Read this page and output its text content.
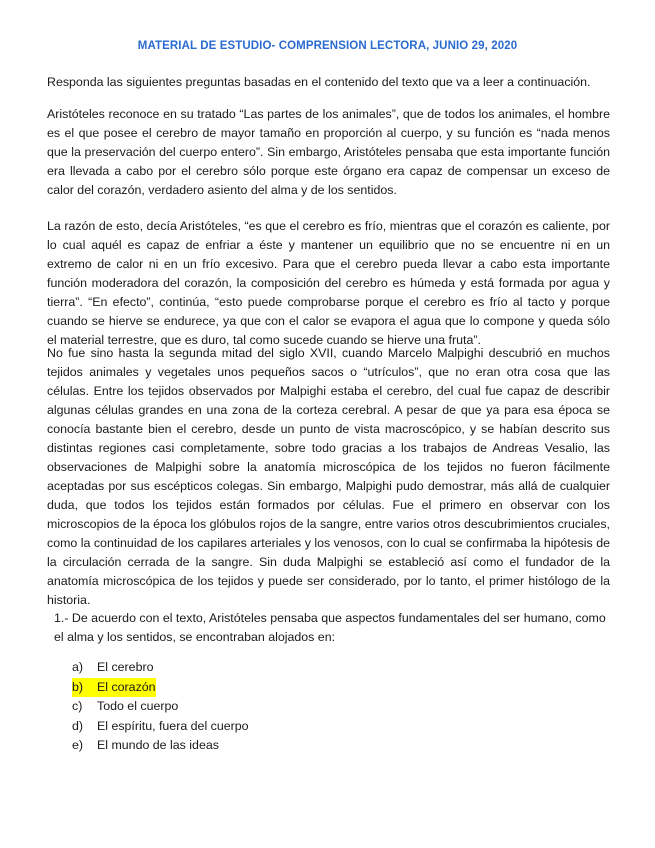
MATERIAL DE ESTUDIO- COMPRENSION LECTORA, JUNIO 29, 2020

Responda las siguientes preguntas basadas en el contenido del texto que va a leer a continuación.

Aristóteles reconoce en su tratado “Las partes de los animales”, que de todos los animales, el hombre es el que posee el cerebro de mayor tamaño en proporción al cuerpo, y su función es “nada menos que la preservación del cuerpo entero”. Sin embargo, Aristóteles pensaba que esta importante función era llevada a cabo por el cerebro sólo porque este órgano era capaz de compensar un exceso de calor del corazón, verdadero asiento del alma y de los sentidos.

La razón de esto, decía Aristóteles, “es que el cerebro es frío, mientras que el corazón es caliente, por lo cual aquél es capaz de enfriar a éste y mantener un equilibrio que no se encuentre ni en un extremo de calor ni en un frío excesivo. Para que el cerebro pueda llevar a cabo esta importante función moderadora del corazón, la composición del cerebro es húmeda y está formada por agua y tierra”. “En efecto”, continúa, “esto puede comprobarse porque el cerebro es frío al tacto y porque cuando se hierve se endurece, ya que con el calor se evapora el agua que lo compone y queda sólo el material terrestre, que es duro, tal como sucede cuando se hierve una fruta”.

No fue sino hasta la segunda mitad del siglo XVII, cuando Marcelo Malpighi descubrió en muchos tejidos animales y vegetales unos pequeños sacos o “utrículos”, que no eran otra cosa que las células. Entre los tejidos observados por Malpighi estaba el cerebro, del cual fue capaz de describir algunas células grandes en una zona de la corteza cerebral. A pesar de que ya para esa época se conocía bastante bien el cerebro, desde un punto de vista macroscópico, y se habían descrito sus distintas regiones casi completamente, sobre todo gracias a los trabajos de Andreas Vesalio, las observaciones de Malpighi sobre la anatomía microscópica de los tejidos no fueron fácilmente aceptadas por sus escépticos colegas. Sin embargo, Malpighi pudo demostrar, más allá de cualquier duda, que todos los tejidos están formados por células. Fue el primero en observar con los microscopios de la época los glóbulos rojos de la sangre, entre varios otros descubrimientos cruciales, como la continuidad de los capilares arteriales y los venosos, con lo cual se confirmaba la hipótesis de la circulación cerrada de la sangre. Sin duda Malpighi se estableció así como el fundador de la anatomía microscópica de los tejidos y puede ser considerado, por lo tanto, el primer histólogo de la historia.

1.- De acuerdo con el texto, Aristóteles pensaba que aspectos fundamentales del ser humano, como el alma y los sentidos, se encontraban alojados en:

a)	El cerebro
b) El corazón
c)	Todo el cuerpo
d)	El espíritu, fuera del cuerpo
e)	El mundo de las ideas
